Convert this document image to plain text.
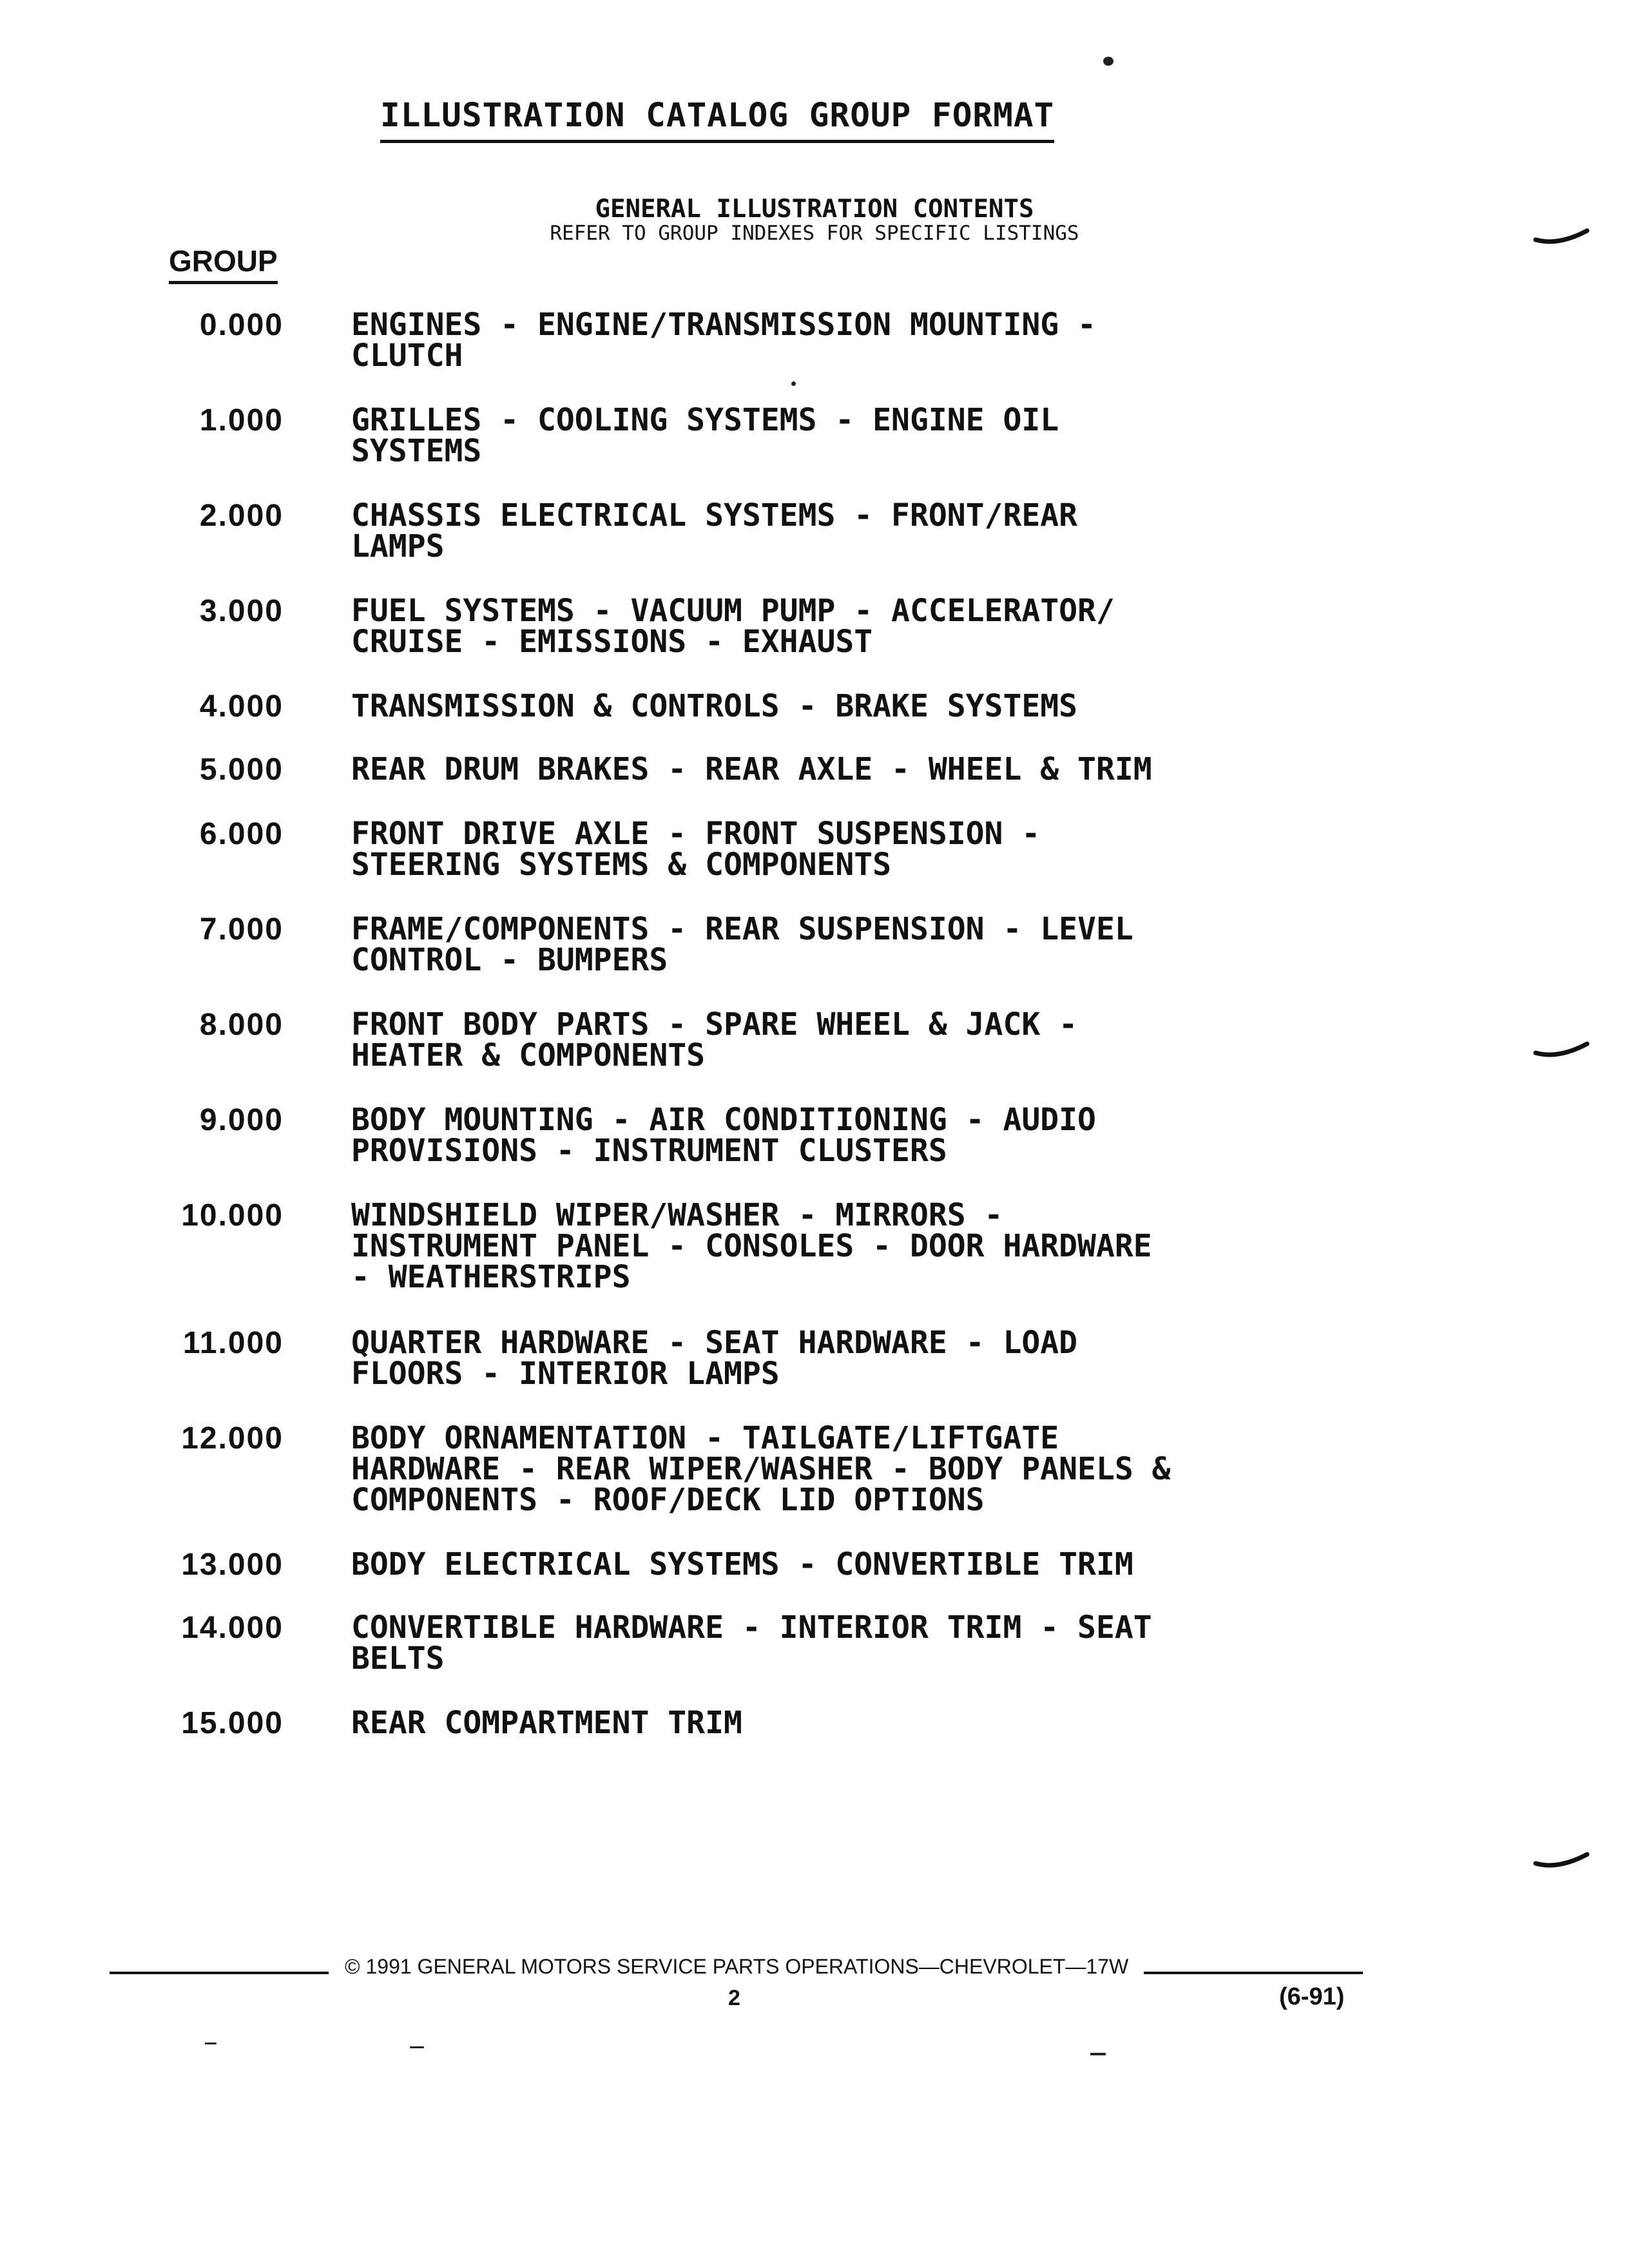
ILLUSTRATION CATALOG GROUP FORMAT
GENERAL ILLUSTRATION CONTENTS
REFER TO GROUP INDEXES FOR SPECIFIC LISTINGS
GROUP
0.000 ENGINES - ENGINE/TRANSMISSION MOUNTING -
CLUTCH
1.000 GRILLES - COOLING SYSTEMS - ENGINE OIL
SYSTEMS
2.000 CHASSIS ELECTRICAL SYSTEMS - FRONT/REAR
LAMPS
3.000 FUEL SYSTEMS - VACUUM PUMP - ACCELERATOR/
CRUISE - EMISSIONS - EXHAUST
4.000 TRANSMISSION & CONTROLS - BRAKE SYSTEMS
5.000 REAR DRUM BRAKES - REAR AXLE - WHEEL & TRIM
6.000 FRONT DRIVE AXLE - FRONT SUSPENSION -
STEERING SYSTEMS & COMPONENTS
7.000 FRAME/COMPONENTS - REAR SUSPENSION - LEVEL
CONTROL - BUMPERS
8.000 FRONT BODY PARTS - SPARE WHEEL & JACK -
HEATER & COMPONENTS
9.000 BODY MOUNTING - AIR CONDITIONING - AUDIO
PROVISIONS - INSTRUMENT CLUSTERS
10.000 WINDSHIELD WIPER/WASHER - MIRRORS -
INSTRUMENT PANEL - CONSOLES - DOOR HARDWARE
- WEATHERSTRIPS
11.000 QUARTER HARDWARE - SEAT HARDWARE - LOAD
FLOORS - INTERIOR LAMPS
12.000 BODY ORNAMENTATION - TAILGATE/LIFTGATE
HARDWARE - REAR WIPER/WASHER - BODY PANELS &
COMPONENTS - ROOF/DECK LID OPTIONS
13.000 BODY ELECTRICAL SYSTEMS - CONVERTIBLE TRIM
14.000 CONVERTIBLE HARDWARE - INTERIOR TRIM - SEAT
BELTS
15.000 REAR COMPARTMENT TRIM
© 1991 GENERAL MOTORS SERVICE PARTS OPERATIONS—CHEVROLET—17W
2	(6-91)
